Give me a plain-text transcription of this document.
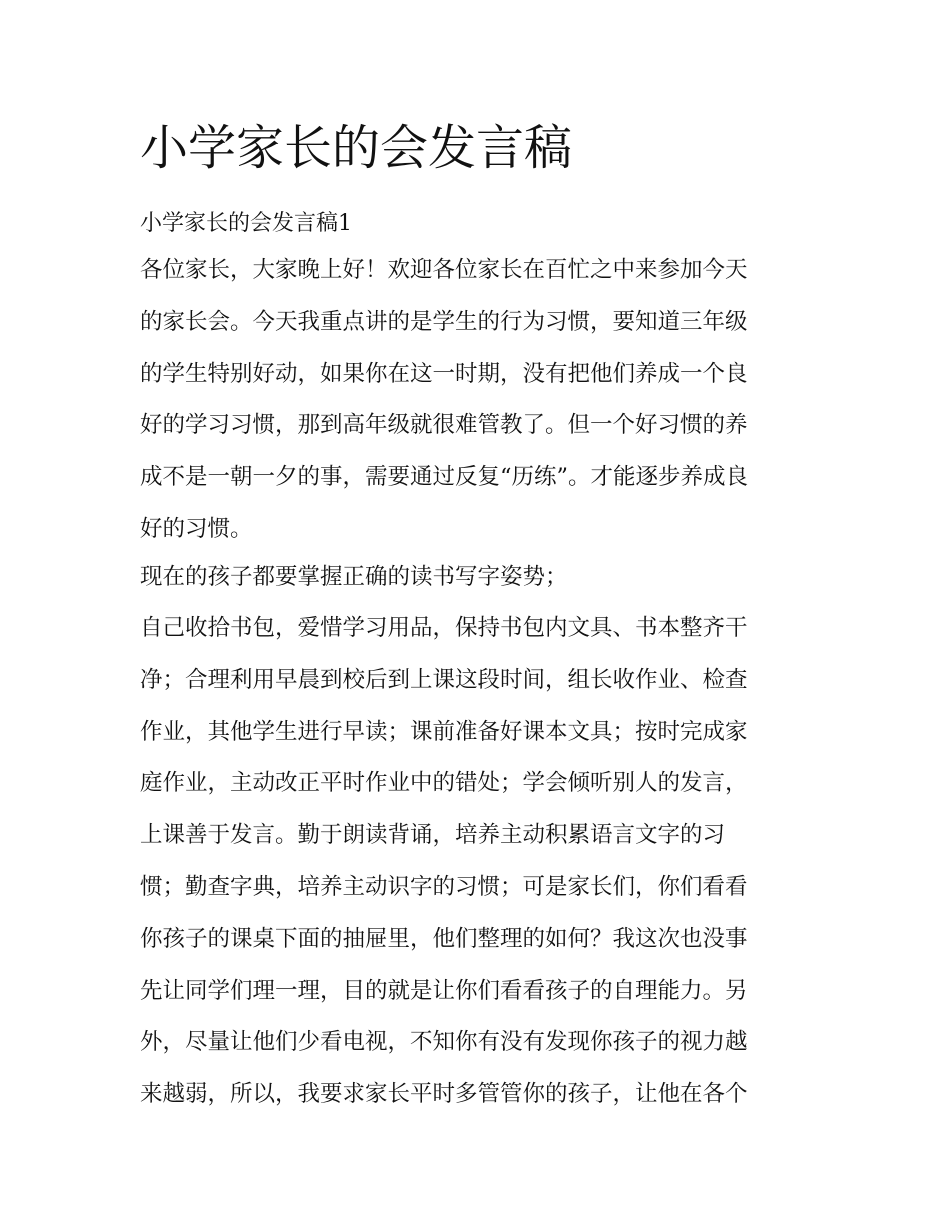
小学家长的会发言稿

小学家长的会发言稿1

各位家长，大家晚上好！欢迎各位家长在百忙之中来参加今天
的家长会。今天我重点讲的是学生的行为习惯，要知道三年级
的学生特别好动，如果你在这一时期，没有把他们养成一个良
好的学习习惯，那到高年级就很难管教了。但一个好习惯的养
成不是一朝一夕的事，需要通过反复“历练”。才能逐步养成良
好的习惯。
现在的孩子都要掌握正确的读书写字姿势；
自己收拾书包，爱惜学习用品，保持书包内文具、书本整齐干
净；合理利用早晨到校后到上课这段时间，组长收作业、检查
作业，其他学生进行早读；课前准备好课本文具；按时完成家
庭作业，主动改正平时作业中的错处；学会倾听别人的发言，
上课善于发言。勤于朗读背诵，培养主动积累语言文字的习
惯；勤查字典，培养主动识字的习惯；可是家长们，你们看看
你孩子的课桌下面的抽屉里，他们整理的如何？我这次也没事
先让同学们理一理，目的就是让你们看看孩子的自理能力。另
外，尽量让他们少看电视，不知你有没有发现你孩子的视力越
来越弱，所以，我要求家长平时多管管你的孩子，让他在各个
